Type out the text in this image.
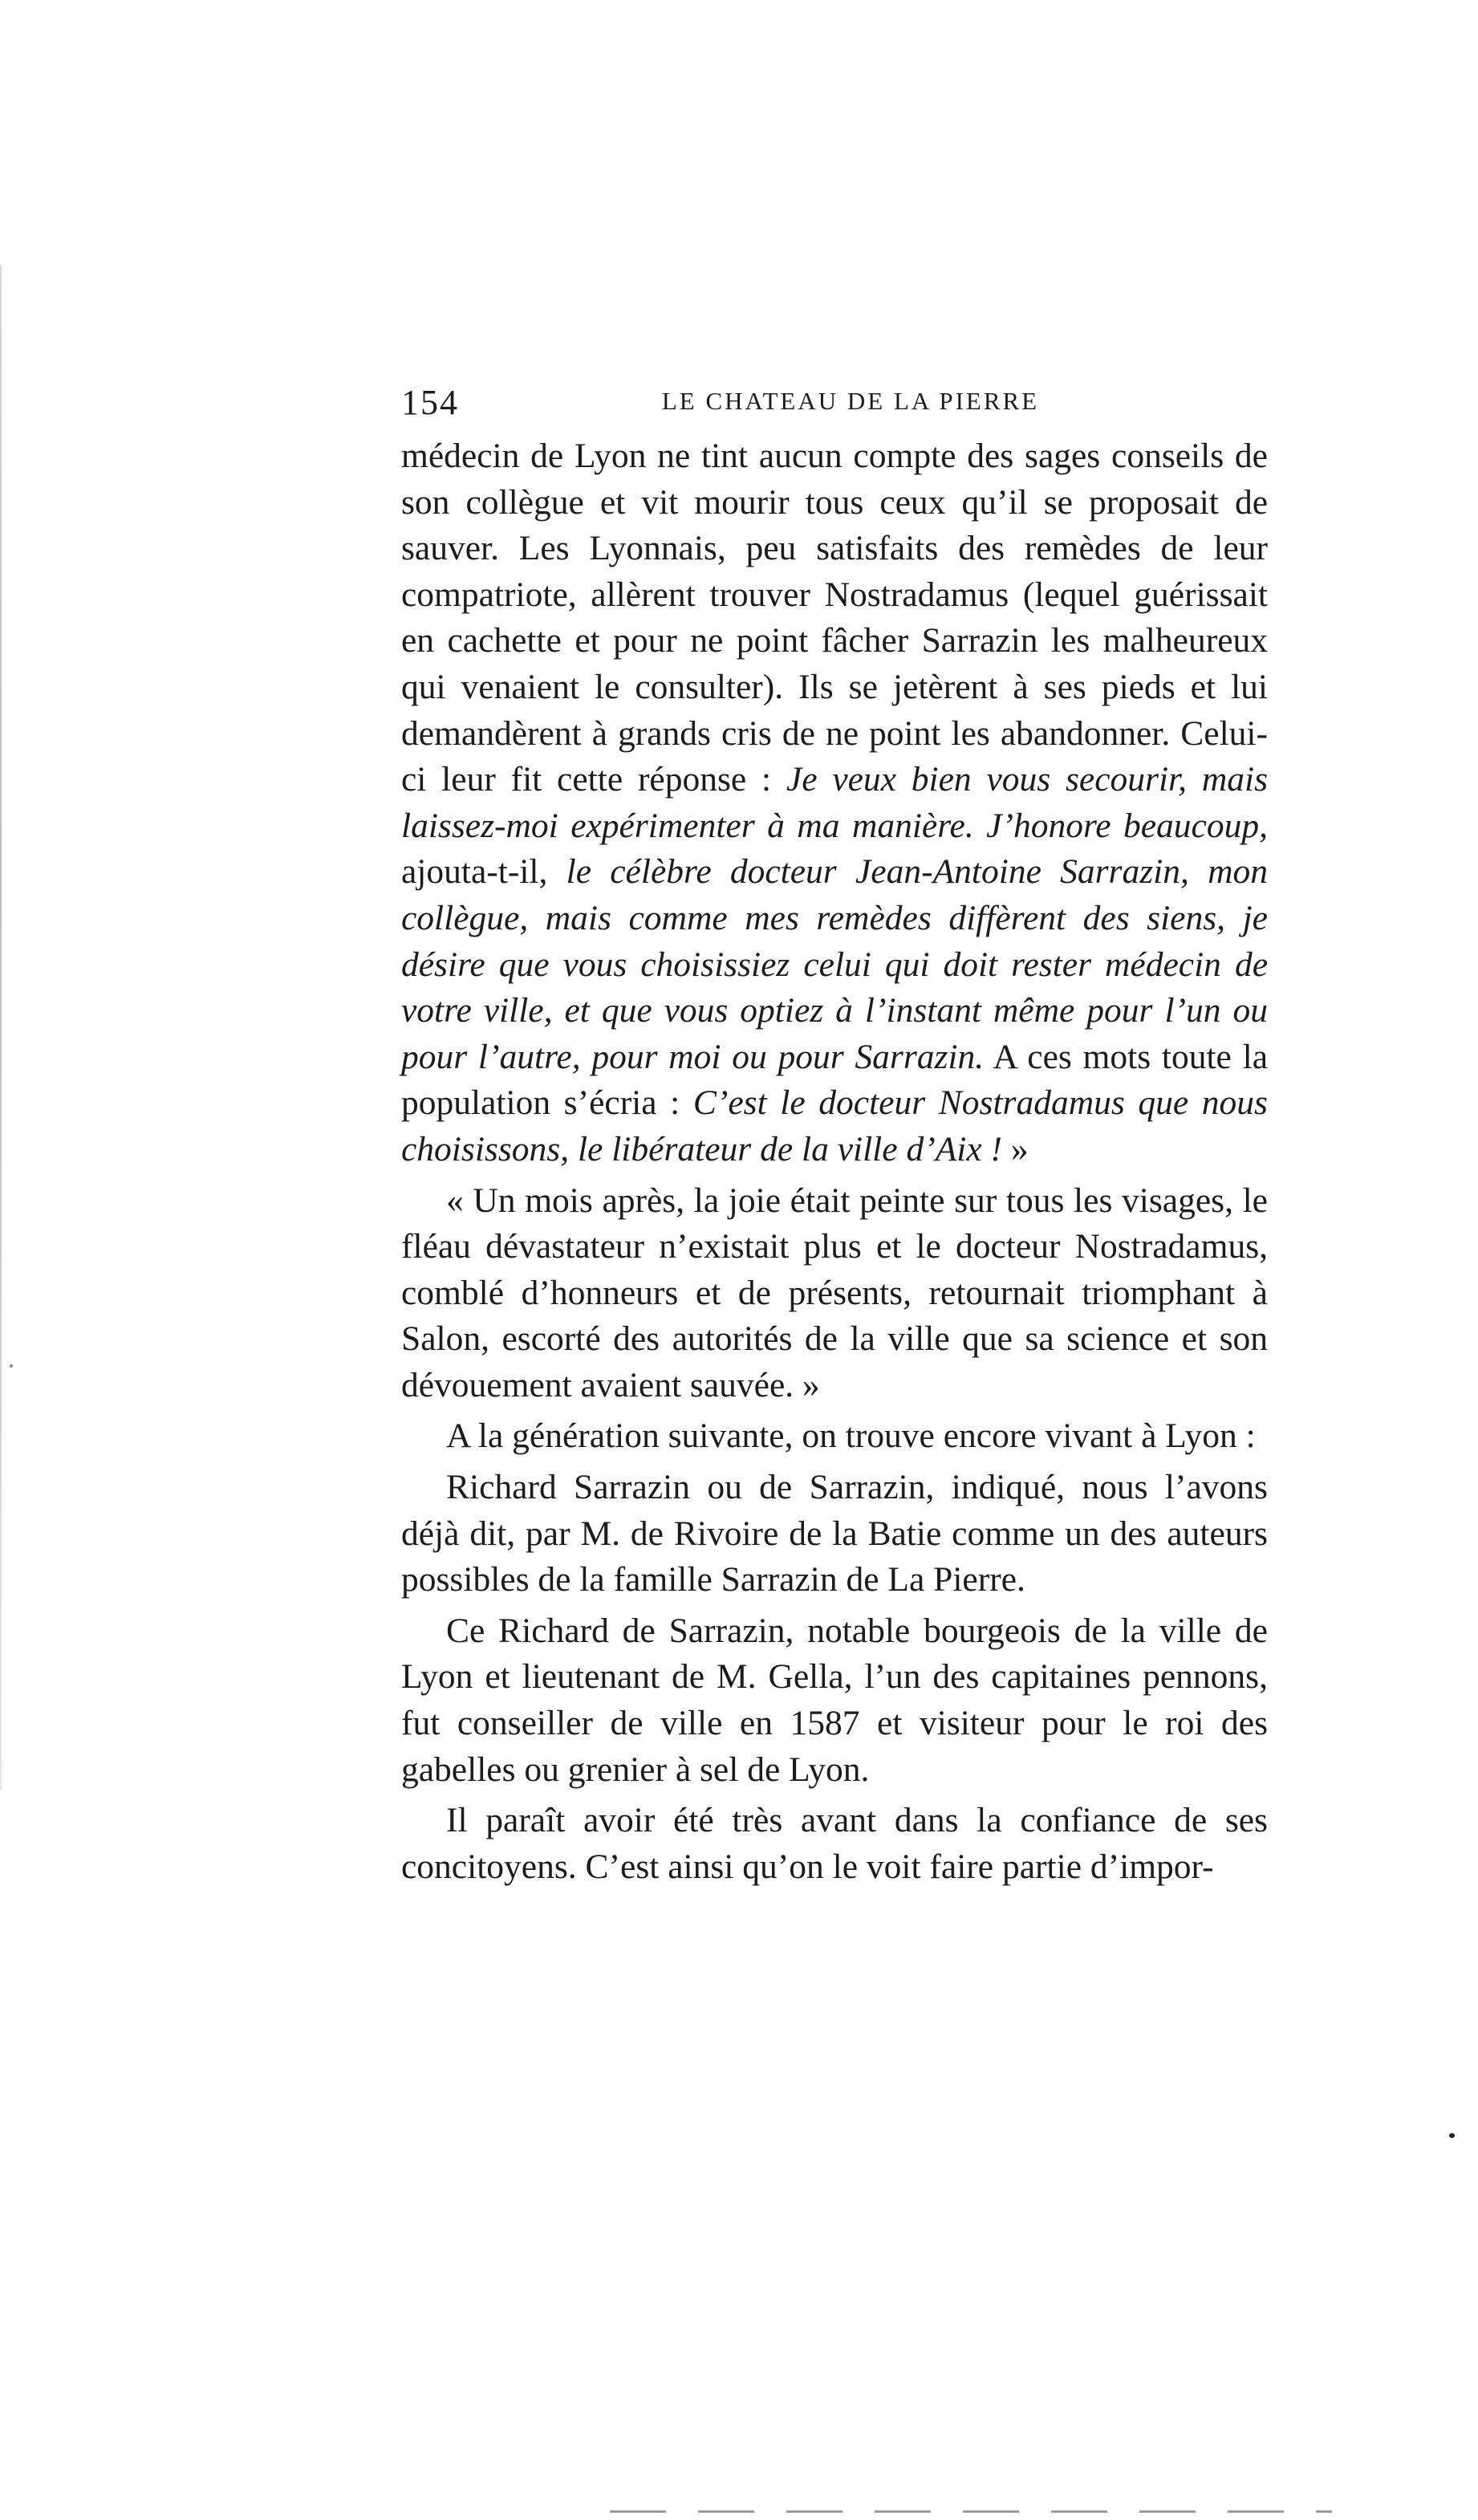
154	LE CHATEAU DE LA PIERRE

médecin de Lyon ne tint aucun compte des sages conseils de son collègue et vit mourir tous ceux qu’il se proposait de sauver. Les Lyonnais, peu satisfaits des remèdes de leur compatriote, allèrent trouver Nostradamus (lequel guérissait en cachette et pour ne point fâcher Sarrazin les malheureux qui venaient le consulter). Ils se jetèrent à ses pieds et lui demandèrent à grands cris de ne point les abandonner. Celui-ci leur fit cette réponse : Je veux bien vous secourir, mais laissez-moi expérimenter à ma manière. J’honore beaucoup, ajouta-t-il, le célèbre docteur Jean-Antoine Sarrazin, mon collègue, mais comme mes remèdes diffèrent des siens, je désire que vous choisissiez celui qui doit rester médecin de votre ville, et que vous optiez à l’instant même pour l’un ou pour l’autre, pour moi ou pour Sarrazin. A ces mots toute la population s’écria : C’est le docteur Nostradamus que nous choisissons, le libérateur de la ville d’Aix ! »

« Un mois après, la joie était peinte sur tous les visages, le fléau dévastateur n’existait plus et le docteur Nostradamus, comblé d’honneurs et de présents, retournait triomphant à Salon, escorté des autorités de la ville que sa science et son dévouement avaient sauvée. »

A la génération suivante, on trouve encore vivant à Lyon :

Richard Sarrazin ou de Sarrazin, indiqué, nous l’avons déjà dit, par M. de Rivoire de la Batie comme un des auteurs possibles de la famille Sarrazin de La Pierre.

Ce Richard de Sarrazin, notable bourgeois de la ville de Lyon et lieutenant de M. Gella, l’un des capitaines pennons, fut conseiller de ville en 1587 et visiteur pour le roi des gabelles ou grenier à sel de Lyon.

Il paraît avoir été très avant dans la confiance de ses concitoyens. C’est ainsi qu’on le voit faire partie d’impor-
